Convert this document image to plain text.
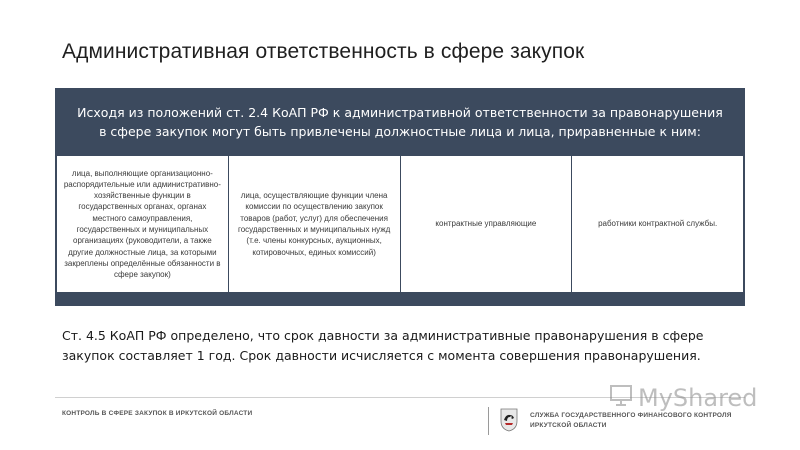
Административная ответственность в сфере закупок
Исходя из положений ст. 2.4 КоАП РФ к административной ответственности за правонарушения в сфере закупок могут быть привлечены должностные лица и лица, приравненные к ним:
лица, выполняющие организационно-распорядительные или административно-хозяйственные функции в государственных органах, органах местного самоуправления, государственных и муниципальных организациях (руководители, а также другие должностные лица, за которыми закреплены определённые обязанности в сфере закупок)
лица, осуществляющие функции члена комиссии по осуществлению закупок товаров (работ, услуг) для обеспечения государственных и муниципальных нужд (т.е. члены конкурсных, аукционных, котировочных, единых комиссий)
контрактные управляющие	работники контрактной службы.
Ст. 4.5 КоАП РФ определено, что срок давности за административные правонарушения в сфере закупок составляет 1 год. Срок давности исчисляется с момента совершения правонарушения.
КОНТРОЛЬ В СФЕРЕ ЗАКУПОК В ИРКУТСКОЙ ОБЛАСТИ	СЛУЖБА ГОСУДАРСТВЕННОГО ФИНАНСОВОГО КОНТРОЛЯ ИРКУТСКОЙ ОБЛАСТИ
MyShared
